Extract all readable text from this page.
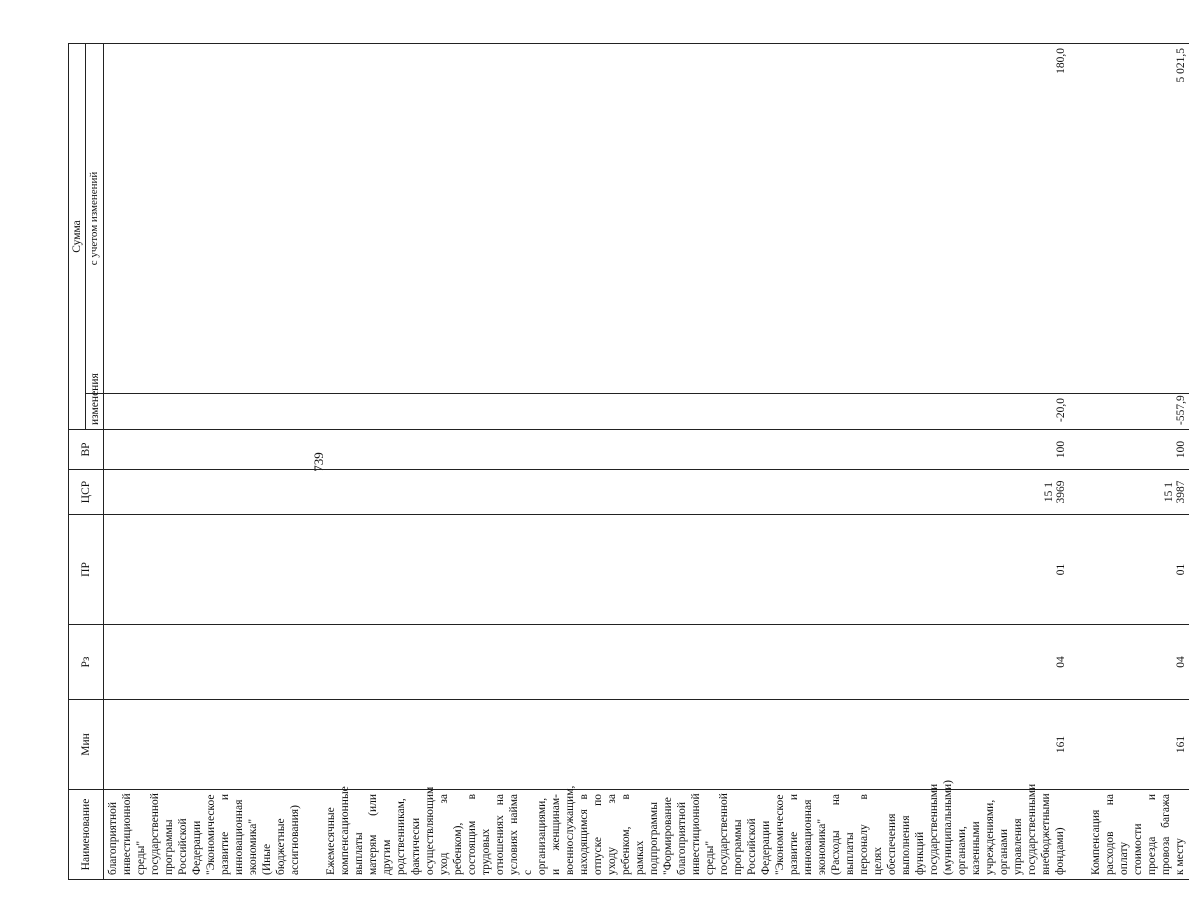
739
Наименование	Мин	Рз	ПР	ЦСР	ВР	Сумма	
						изменения	с учетом изменений
благоприятной инвестиционной среды" государственной программы Российской Федерации "Экономическое развитие и инновационная экономика" (Иные бюджетные ассигнования)							

Ежемесячные компенсационные выплаты матерям (или другим родственникам, фактически осуществляющим уход за ребенком), состоящим в трудовых отношениях на условиях найма с организациями, и женщинам-военнослужащим, находящимся в отпуске по уходу за ребенком, в рамках подпрограммы "Формирование благоприятной инвестиционной среды" государственной программы Российской Федерации "Экономическое развитие и инновационная экономика" (Расходы на выплаты персоналу в целях обеспечения выполнения функций государственными (муниципальными) органами, казенными учреждениями, органами управления государственными внебюджетными фондами)	161	04	01	15 1 3969	100	-20,0	180,0

Компенсация расходов на оплату стоимости проезда и провоза багажа к месту	161	04	01	15 1 3987	100	-557,9	5 021,5
